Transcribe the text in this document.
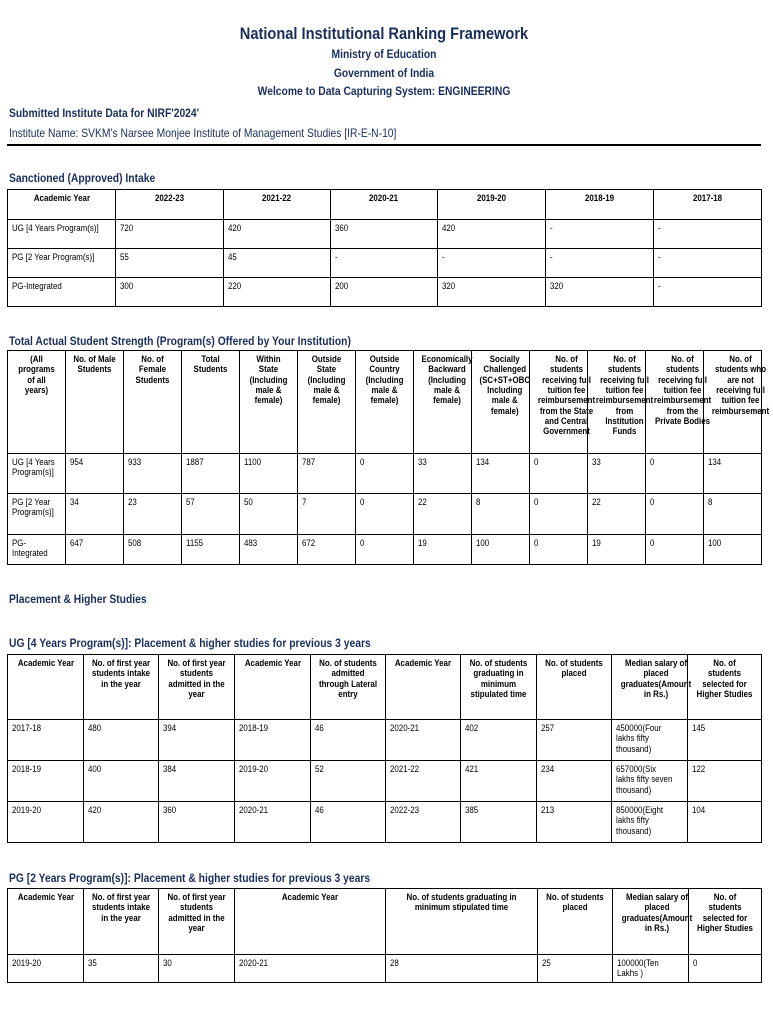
National Institutional Ranking Framework
Ministry of Education
Government of India
Welcome to Data Capturing System: ENGINEERING
Submitted Institute Data for NIRF'2024'
Institute Name: SVKM's Narsee Monjee Institute of Management Studies [IR-E-N-10]
Sanctioned (Approved) Intake
Academic Year	2022-23	2021-22	2020-21	2019-20	2018-19	2017-18
UG [4 Years Program(s)]	720	420	360	420	-	-
PG [2 Year Program(s)]	55	45	-	-	-	-
PG-Integrated	300	220	200	320	320	-
Total Actual Student Strength (Program(s) Offered by Your Institution)
(All programs of all years)	No. of Male Students	No. of Female Students	Total Students	Within State (Including male & female)	Outside State (Including male & female)	Outside Country (Including male & female)	Economically Backward (Including male & female)	Socially Challenged (SC+ST+OBC Including male & female)	No. of students receiving full tuition fee reimbursement from the State and Central Government	No. of students receiving full tuition fee reimbursement from Institution Funds	No. of students receiving full tuition fee reimbursement from the Private Bodies	No. of students who are not receiving full tuition fee reimbursement
UG [4 Years Program(s)]	954	933	1887	1100	787	0	33	134	0	33	0	134
PG [2 Year Program(s)]	34	23	57	50	7	0	22	8	0	22	0	8
PG-Integrated	647	508	1155	483	672	0	19	100	0	19	0	100
Placement & Higher Studies
UG [4 Years Program(s)]: Placement & higher studies for previous 3 years
Academic Year	No. of first year students intake in the year	No. of first year students admitted in the year	Academic Year	No. of students admitted through Lateral entry	Academic Year	No. of students graduating in minimum stipulated time	No. of students placed	Median salary of placed graduates(Amount in Rs.)	No. of students selected for Higher Studies
2017-18	480	394	2018-19	46	2020-21	402	257	450000(Four lakhs fifty thousand)	145
2018-19	400	384	2019-20	52	2021-22	421	234	657000(Six lakhs fifty seven thousand)	122
2019-20	420	360	2020-21	46	2022-23	385	213	850000(Eight lakhs fifty thousand)	104
PG [2 Years Program(s)]: Placement & higher studies for previous 3 years
Academic Year	No. of first year students intake in the year	No. of first year students admitted in the year	Academic Year	No. of students graduating in minimum stipulated time	No. of students placed	Median salary of placed graduates(Amount in Rs.)	No. of students selected for Higher Studies
2019-20	35	30	2020-21	28	25	100000(Ten Lakhs )	0
